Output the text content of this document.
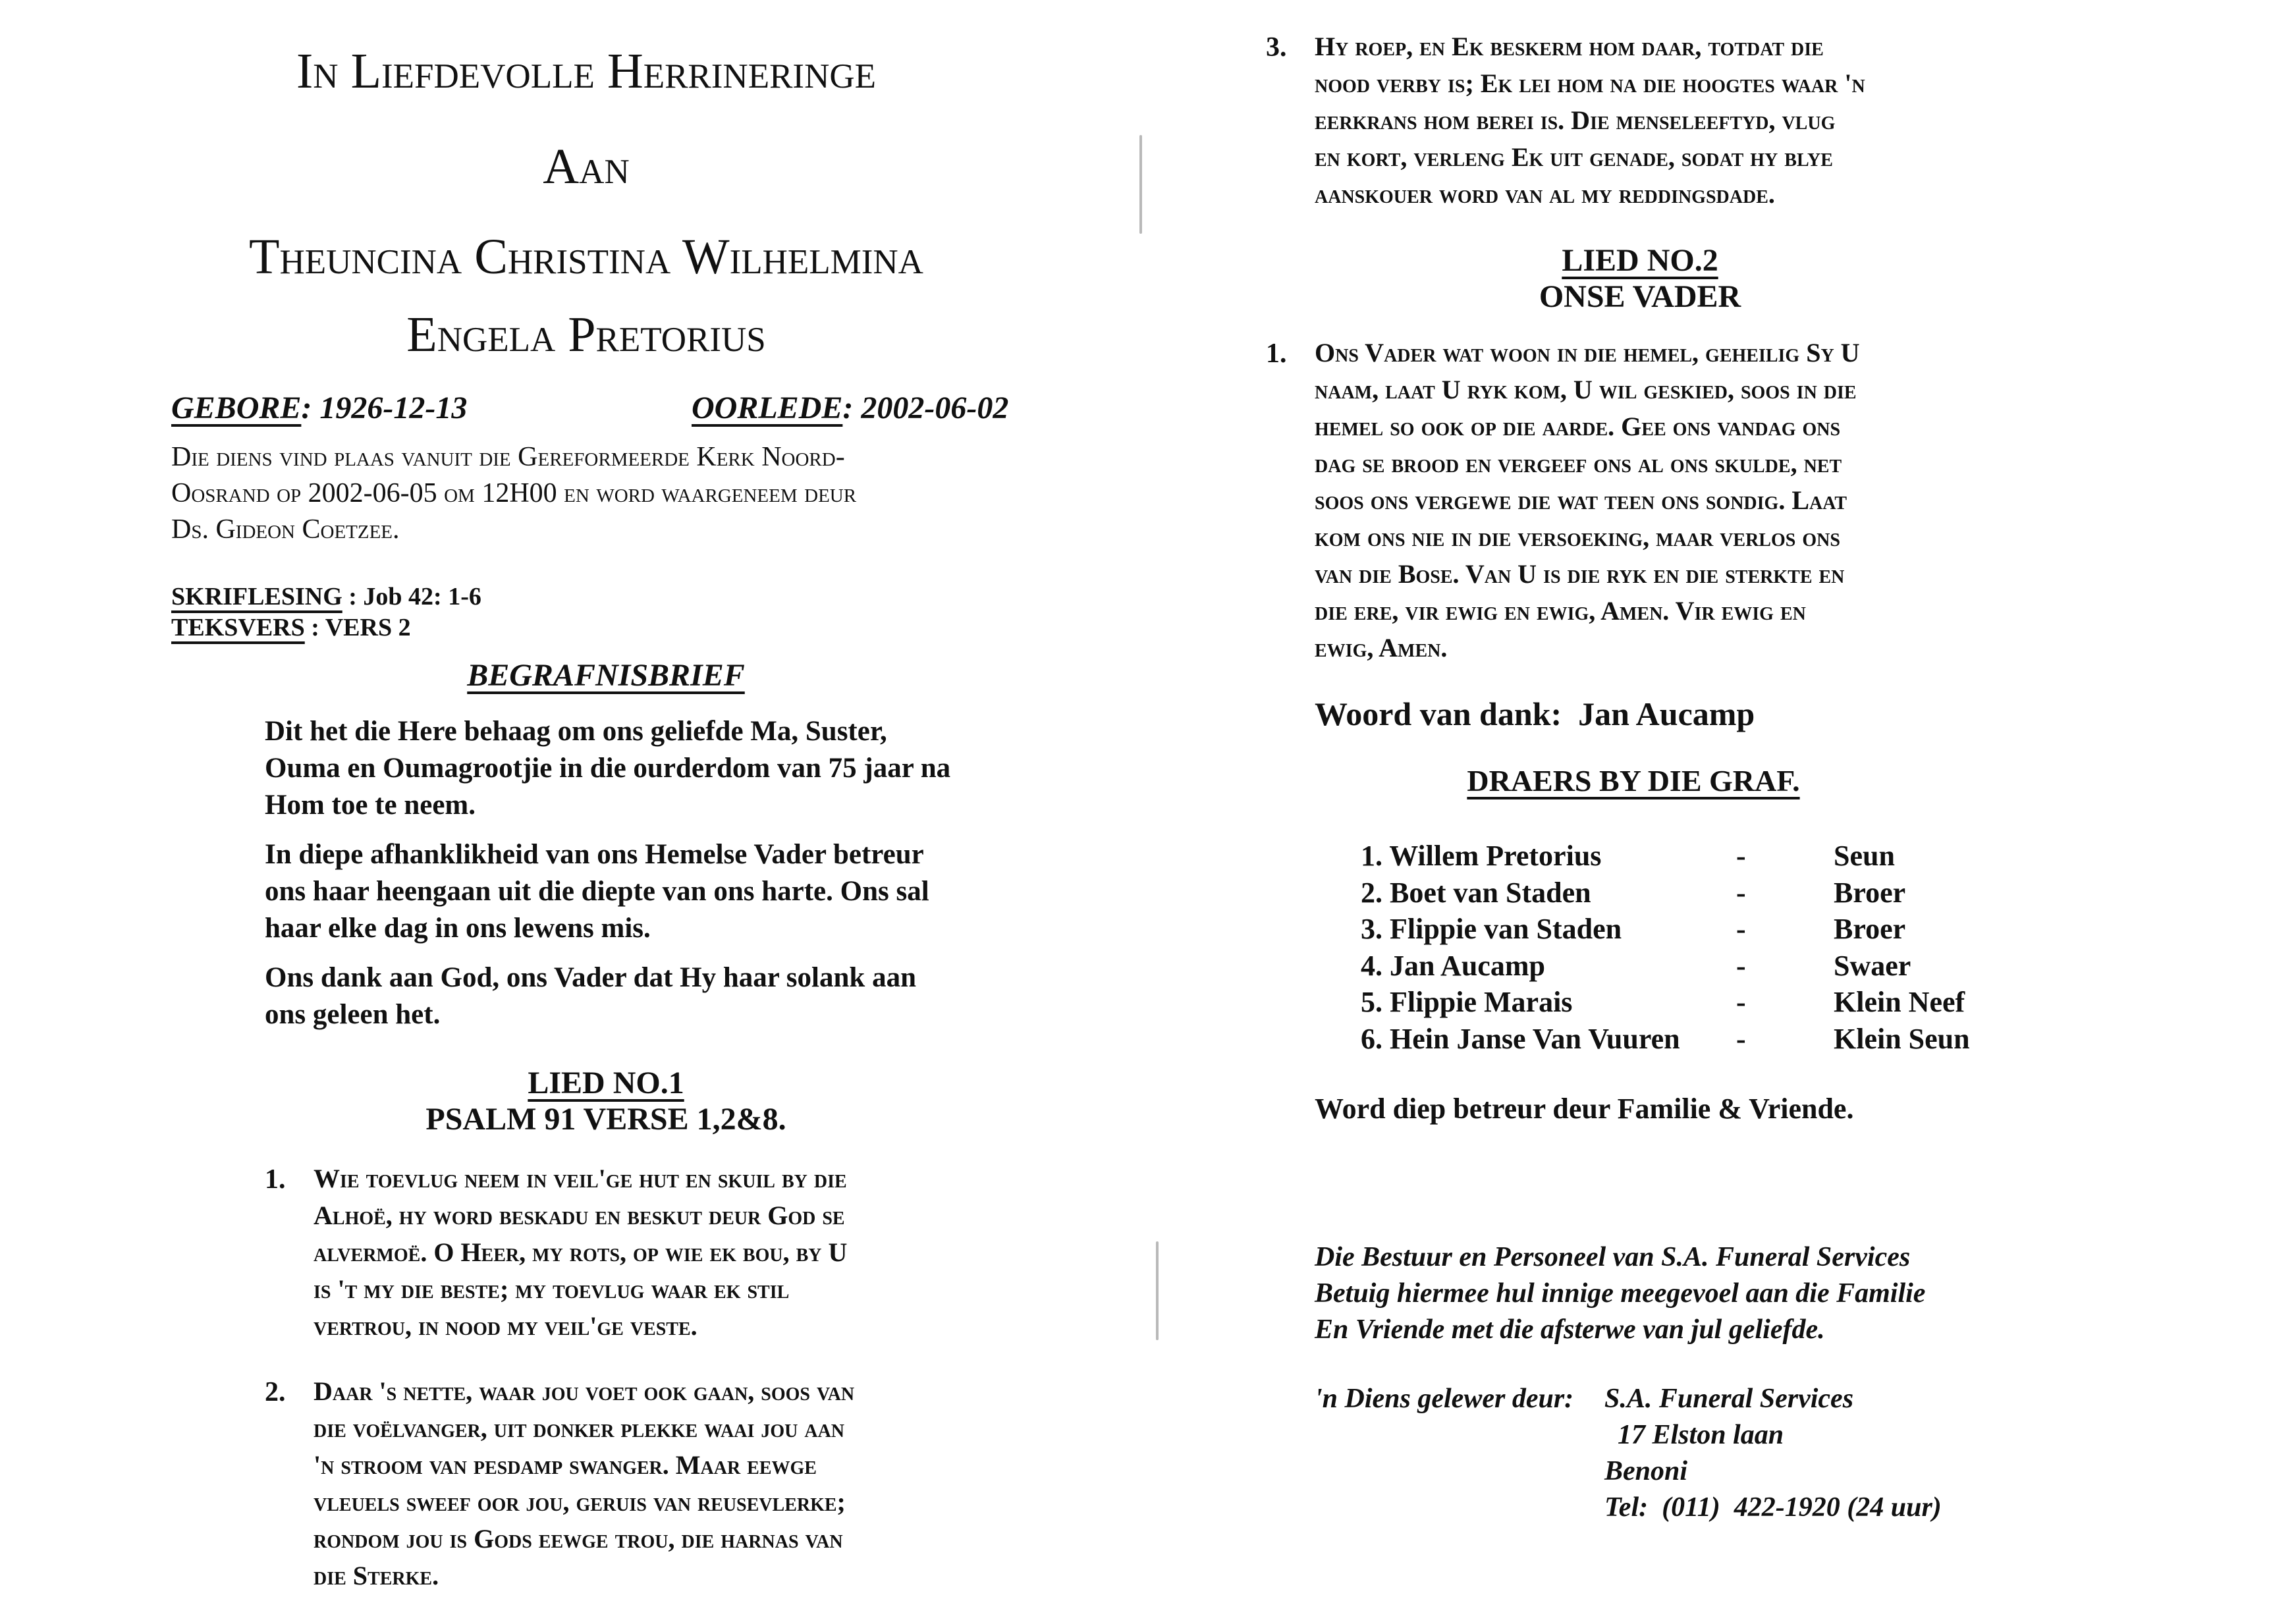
In Liefdevolle Herrineringe
Aan
Theuncina Christina Wilhelmina
Engela Pretorius
GEBORE: 1926-12-13	OORLEDE: 2002-06-02
Die diens vind plaas vanuit die Gereformeerde Kerk Noord-
Oosrand op 2002-06-05 om 12H00 en word waargeneem deur
Ds. Gideon Coetzee.
SKRIFLESING : Job 42: 1-6
TEKSVERS : VERS 2
BEGRAFNISBRIEF
Dit het die Here behaag om ons geliefde Ma, Suster,
Ouma en Oumagrootjie in die ourderdom van 75 jaar na
Hom toe te neem.
In diepe afhanklikheid van ons Hemelse Vader betreur
ons haar heengaan uit die diepte van ons harte. Ons sal
haar elke dag in ons lewens mis.
Ons dank aan God, ons Vader dat Hy haar solank aan
ons geleen het.
LIED NO.1
PSALM 91 VERSE 1,2&8.
1. Wie toevlug neem in veil'ge hut en skuil by die
Alhoë, hy word beskadu en beskut deur God se
alvermoë. O Heer, my rots, op wie ek bou, by U
is 't my die beste; my toevlug waar ek stil
vertrou, in nood my veil'ge veste.
2. Daar 's nette, waar jou voet ook gaan, soos van
die voëlvanger, uit donker plekke waai jou aan
'n stroom van pesdamp swanger. Maar eewge
vleuels sweef oor jou, geruis van reusevlerke;
rondom jou is Gods eewge trou, die harnas van
die Sterke.
3. Hy roep, en Ek beskerm hom daar, totdat die
nood verby is; Ek lei hom na die hoogtes waar 'n
eerkrans hom berei is. Die menseleeftyd, vlug
en kort, verleng Ek uit genade, sodat hy blye
aanskouer word van al my reddingsdade.
LIED NO.2
ONSE VADER
1. Ons Vader wat woon in die hemel, geheilig Sy U
naam, laat U ryk kom, U wil geskied, soos in die
hemel so ook op die aarde. Gee ons vandag ons
dag se brood en vergeef ons al ons skulde, net
soos ons vergewe die wat teen ons sondig. Laat
kom ons nie in die versoeking, maar verlos ons
van die Bose. Van U is die ryk en die sterkte en
die ere, vir ewig en ewig, Amen. Vir ewig en
ewig, Amen.
Woord van dank:  Jan Aucamp
DRAERS BY DIE GRAF.
1. Willem Pretorius	-	Seun
2. Boet van Staden	-	Broer
3. Flippie van Staden	-	Broer
4. Jan Aucamp	-	Swaer
5. Flippie Marais	-	Klein Neef
6. Hein Janse Van Vuuren	-	Klein Seun
Word diep betreur deur Familie & Vriende.
Die Bestuur en Personeel van S.A. Funeral Services
Betuig hiermee hul innige meegevoel aan die Familie
En Vriende met die afsterwe van jul geliefde.
'n Diens gelewer deur: S.A. Funeral Services
17 Elston laan
Benoni
Tel:  (011)  422-1920 (24 uur)
